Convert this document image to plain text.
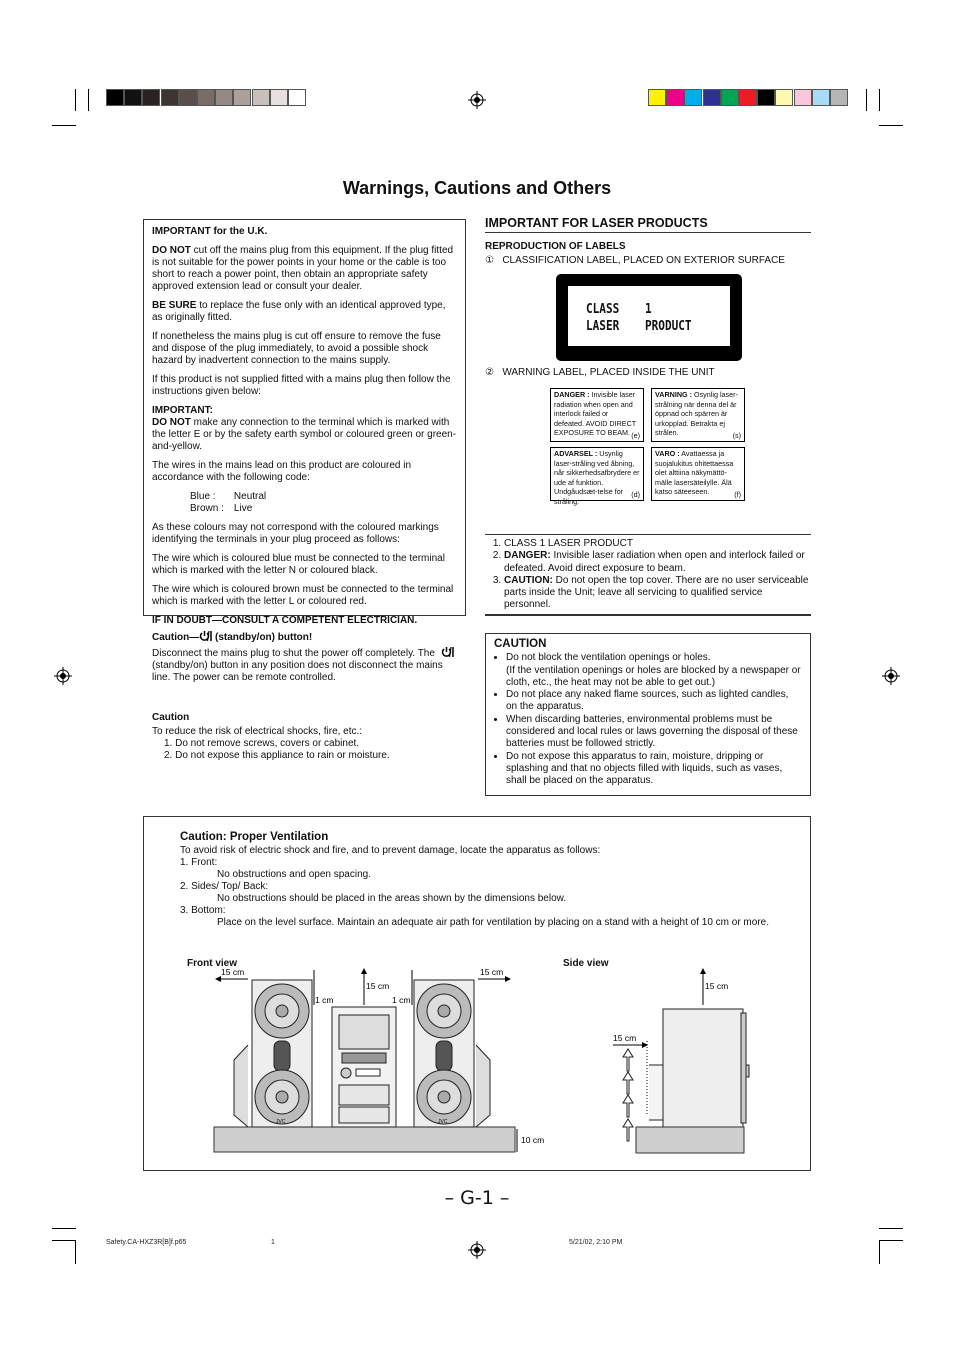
Warnings, Cautions and Others

IMPORTANT for the U.K.

DO NOT cut off the mains plug from this equipment. If the plug fitted is not suitable for the power points in your home or the cable is too short to reach a power point, then obtain an appropriate safety approved extension lead or consult your dealer.

BE SURE to replace the fuse only with an identical approved type, as originally fitted.

If nonetheless the mains plug is cut off ensure to remove the fuse and dispose of the plug immediately, to avoid a possible shock hazard by inadvertent connection to the mains supply.

If this product is not supplied fitted with a mains plug then follow the instructions given below:

IMPORTANT:

DO NOT make any connection to the terminal which is marked with the letter E or by the safety earth symbol or coloured green or green-and-yellow.

The wires in the mains lead on this product are coloured in accordance with the following code:

Blue :	Neutral
Brown :	Live

As these colours may not correspond with the coloured markings identifying the terminals in your plug proceed as follows:

The wire which is coloured blue must be connected to the terminal which is marked with the letter N or coloured black.

The wire which is coloured brown must be connected to the terminal which is marked with the letter L or coloured red.

IF IN DOUBT—CONSULT A COMPETENT ELECTRICIAN.

Caution— (standby/on) button!
Disconnect the mains plug to shut the power off completely. The  (standby/on) button in any position does not disconnect the mains line. The power can be remote controlled.
Caution
To reduce the risk of electrical shocks, fire, etc.:
1. Do not remove screws, covers or cabinet.
2. Do not expose this appliance to rain or moisture.
IMPORTANT FOR LASER PRODUCTS
REPRODUCTION OF LABELS
① CLASSIFICATION LABEL, PLACED ON EXTERIOR SURFACE
CLASS 1
LASER PRODUCT
② WARNING LABEL, PLACED INSIDE THE UNIT
DANGER : Invisible laser radiation when open and interlock failed or defeated. AVOID DIRECT EXPOSURE TO BEAM. (e)
VARNING : Osynlig laser-strålning när denna del är öppnad och spärren är urkopplad. Betrakta ej strålen.	(s)
ADVARSEL : Usynlig laser-stråling ved åbning, når sikkerhedsafbrydere er ude af funktion. Undgåudsæt-telse for stråling.
(d)
VARO : Avattaessa ja suojalukitus ohitettaessa olet alttiina näkymättö-mälle lasersäteilylle. Älä katso säteeseen.	(f)
1. CLASS 1 LASER PRODUCT
2. DANGER: Invisible laser radiation when open and interlock failed or defeated. Avoid direct exposure to beam.
3. CAUTION: Do not open the top cover. There are no user serviceable parts inside the Unit; leave all servicing to qualified service personnel.
CAUTION
• Do not block the ventilation openings or holes.
(If the ventilation openings or holes are blocked by a newspaper or cloth, etc., the heat may not be able to get out.)
• Do not place any naked flame sources, such as lighted candles, on the apparatus.
• When discarding batteries, environmental problems must be considered and local rules or laws governing the disposal of these batteries must be followed strictly.
• Do not expose this apparatus to rain, moisture, dripping or splashing and that no objects filled with liquids, such as vases, shall be placed on the apparatus.
Caution: Proper Ventilation
To avoid risk of electric shock and fire, and to prevent damage, locate the apparatus as follows:
1. Front:
No obstructions and open spacing.
2. Sides/ Top/ Back:
No obstructions should be placed in the areas shown by the dimensions below.
3. Bottom:
Place on the level surface. Maintain an adequate air path for ventilation by placing on a stand with a height of 10 cm or more.
Front view	Side view
15 cm	15 cm
15 cm
1 cm	1 cm
10 cm
JVC	JVC
15 cm
15 cm
– G-1 –
Safety.CA-HXZ3R[B]f.p65	1	5/21/02, 2:10 PM
